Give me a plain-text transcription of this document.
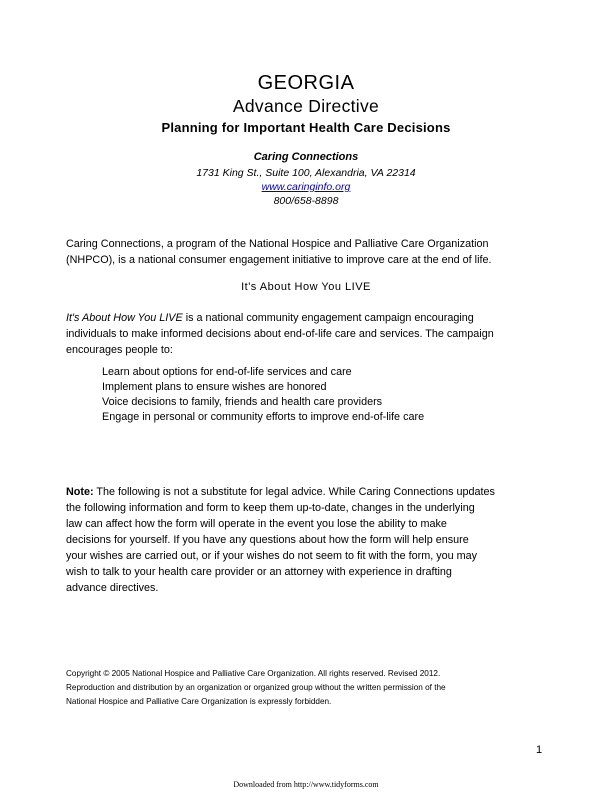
GEORGIA
Advance Directive
Planning for Important Health Care Decisions
Caring Connections
1731 King St., Suite 100, Alexandria, VA 22314
www.caringinfo.org
800/658-8898
Caring Connections, a program of the National Hospice and Palliative Care Organization
(NHPCO), is a national consumer engagement initiative to improve care at the end of life.
It's About How You LIVE
It's About How You LIVE is a national community engagement campaign encouraging
individuals to make informed decisions about end-of-life care and services. The campaign
encourages people to:
Learn about options for end-of-life services and care
Implement plans to ensure wishes are honored
Voice decisions to family, friends and health care providers
Engage in personal or community efforts to improve end-of-life care
Note: The following is not a substitute for legal advice. While Caring Connections updates
the following information and form to keep them up-to-date, changes in the underlying
law can affect how the form will operate in the event you lose the ability to make
decisions for yourself. If you have any questions about how the form will help ensure
your wishes are carried out, or if your wishes do not seem to fit with the form, you may
wish to talk to your health care provider or an attorney with experience in drafting
advance directives.
Copyright © 2005 National Hospice and Palliative Care Organization. All rights reserved. Revised 2012.
Reproduction and distribution by an organization or organized group without the written permission of the
National Hospice and Palliative Care Organization is expressly forbidden.
1
Downloaded from http://www.tidyforms.com
